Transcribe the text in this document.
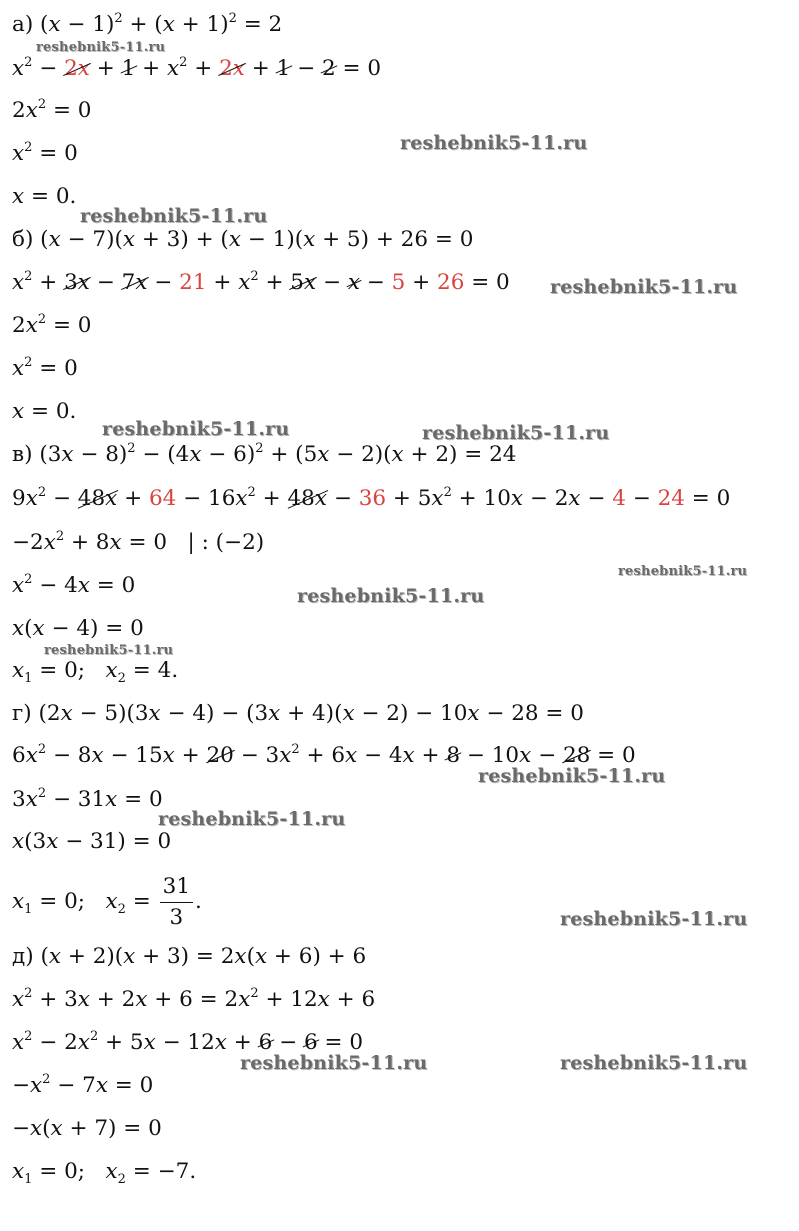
а) $(x - 1)^2 + (x + 1)^2 = 2$
$x^2 - 2x + 1 + x^2 + 2x + 1 - 2 = 0$
$2x^2 = 0$
$x^2 = 0$
x = 0.
б) (x − 7)(x + 3) + (x − 1)(x + 5) + 26 = 0
$x^2 + 3x - 7x - 21 + x^2 + 5x - x - 5 + 26 = 0$
$2x^2 = 0$
$x^2 = 0$
x = 0.
в) $(3x - 8)^2 - (4x - 6)^2 + (5x - 2)(x + 2) = 24$
$9x^2 - 48x + 64 - 16x^2 + 48x - 36 + 5x^2 + 10x - 2x - 4 - 24 = 0$
$-2x^2 + 8x = 0$   | : (−2)
$x^2 - 4x = 0$
x(x − 4) = 0
$x_1 = 0$;   $x_2 = 4$.
г) (2x − 5)(3x − 4) − (3x + 4)(x − 2) − 10x − 28 = 0
$6x^2 - 8x - 15x + 20 - 3x^2 + 6x - 4x + 8 - 10x - 28 = 0$
$3x^2 - 31x = 0$
x(3x − 31) = 0
$x_1 = 0$;   $x_2 = \frac{31}{3}$ .
д) (x + 2)(x + 3) = 2x(x + 6) + 6
$x^2 + 3x + 2x + 6 = 2x^2 + 12x + 6$
$x^2 - 2x^2 + 5x - 12x + 6 - 6 = 0$
$-x^2 - 7x = 0$
−x(x + 7) = 0
$x_1 = 0$;   $x_2 = -7$.
reshebnik5-11.ru
reshebnik5-11.ru
reshebnik5-11.ru
reshebnik5-11.ru
reshebnik5-11.ru	reshebnik5-11.ru
reshebnik5-11.ru
reshebnik5-11.ru
reshebnik5-11.ru
reshebnik5-11.ru
reshebnik5-11.ru
reshebnik5-11.ru
reshebnik5-11.ru	reshebnik5-11.ru
